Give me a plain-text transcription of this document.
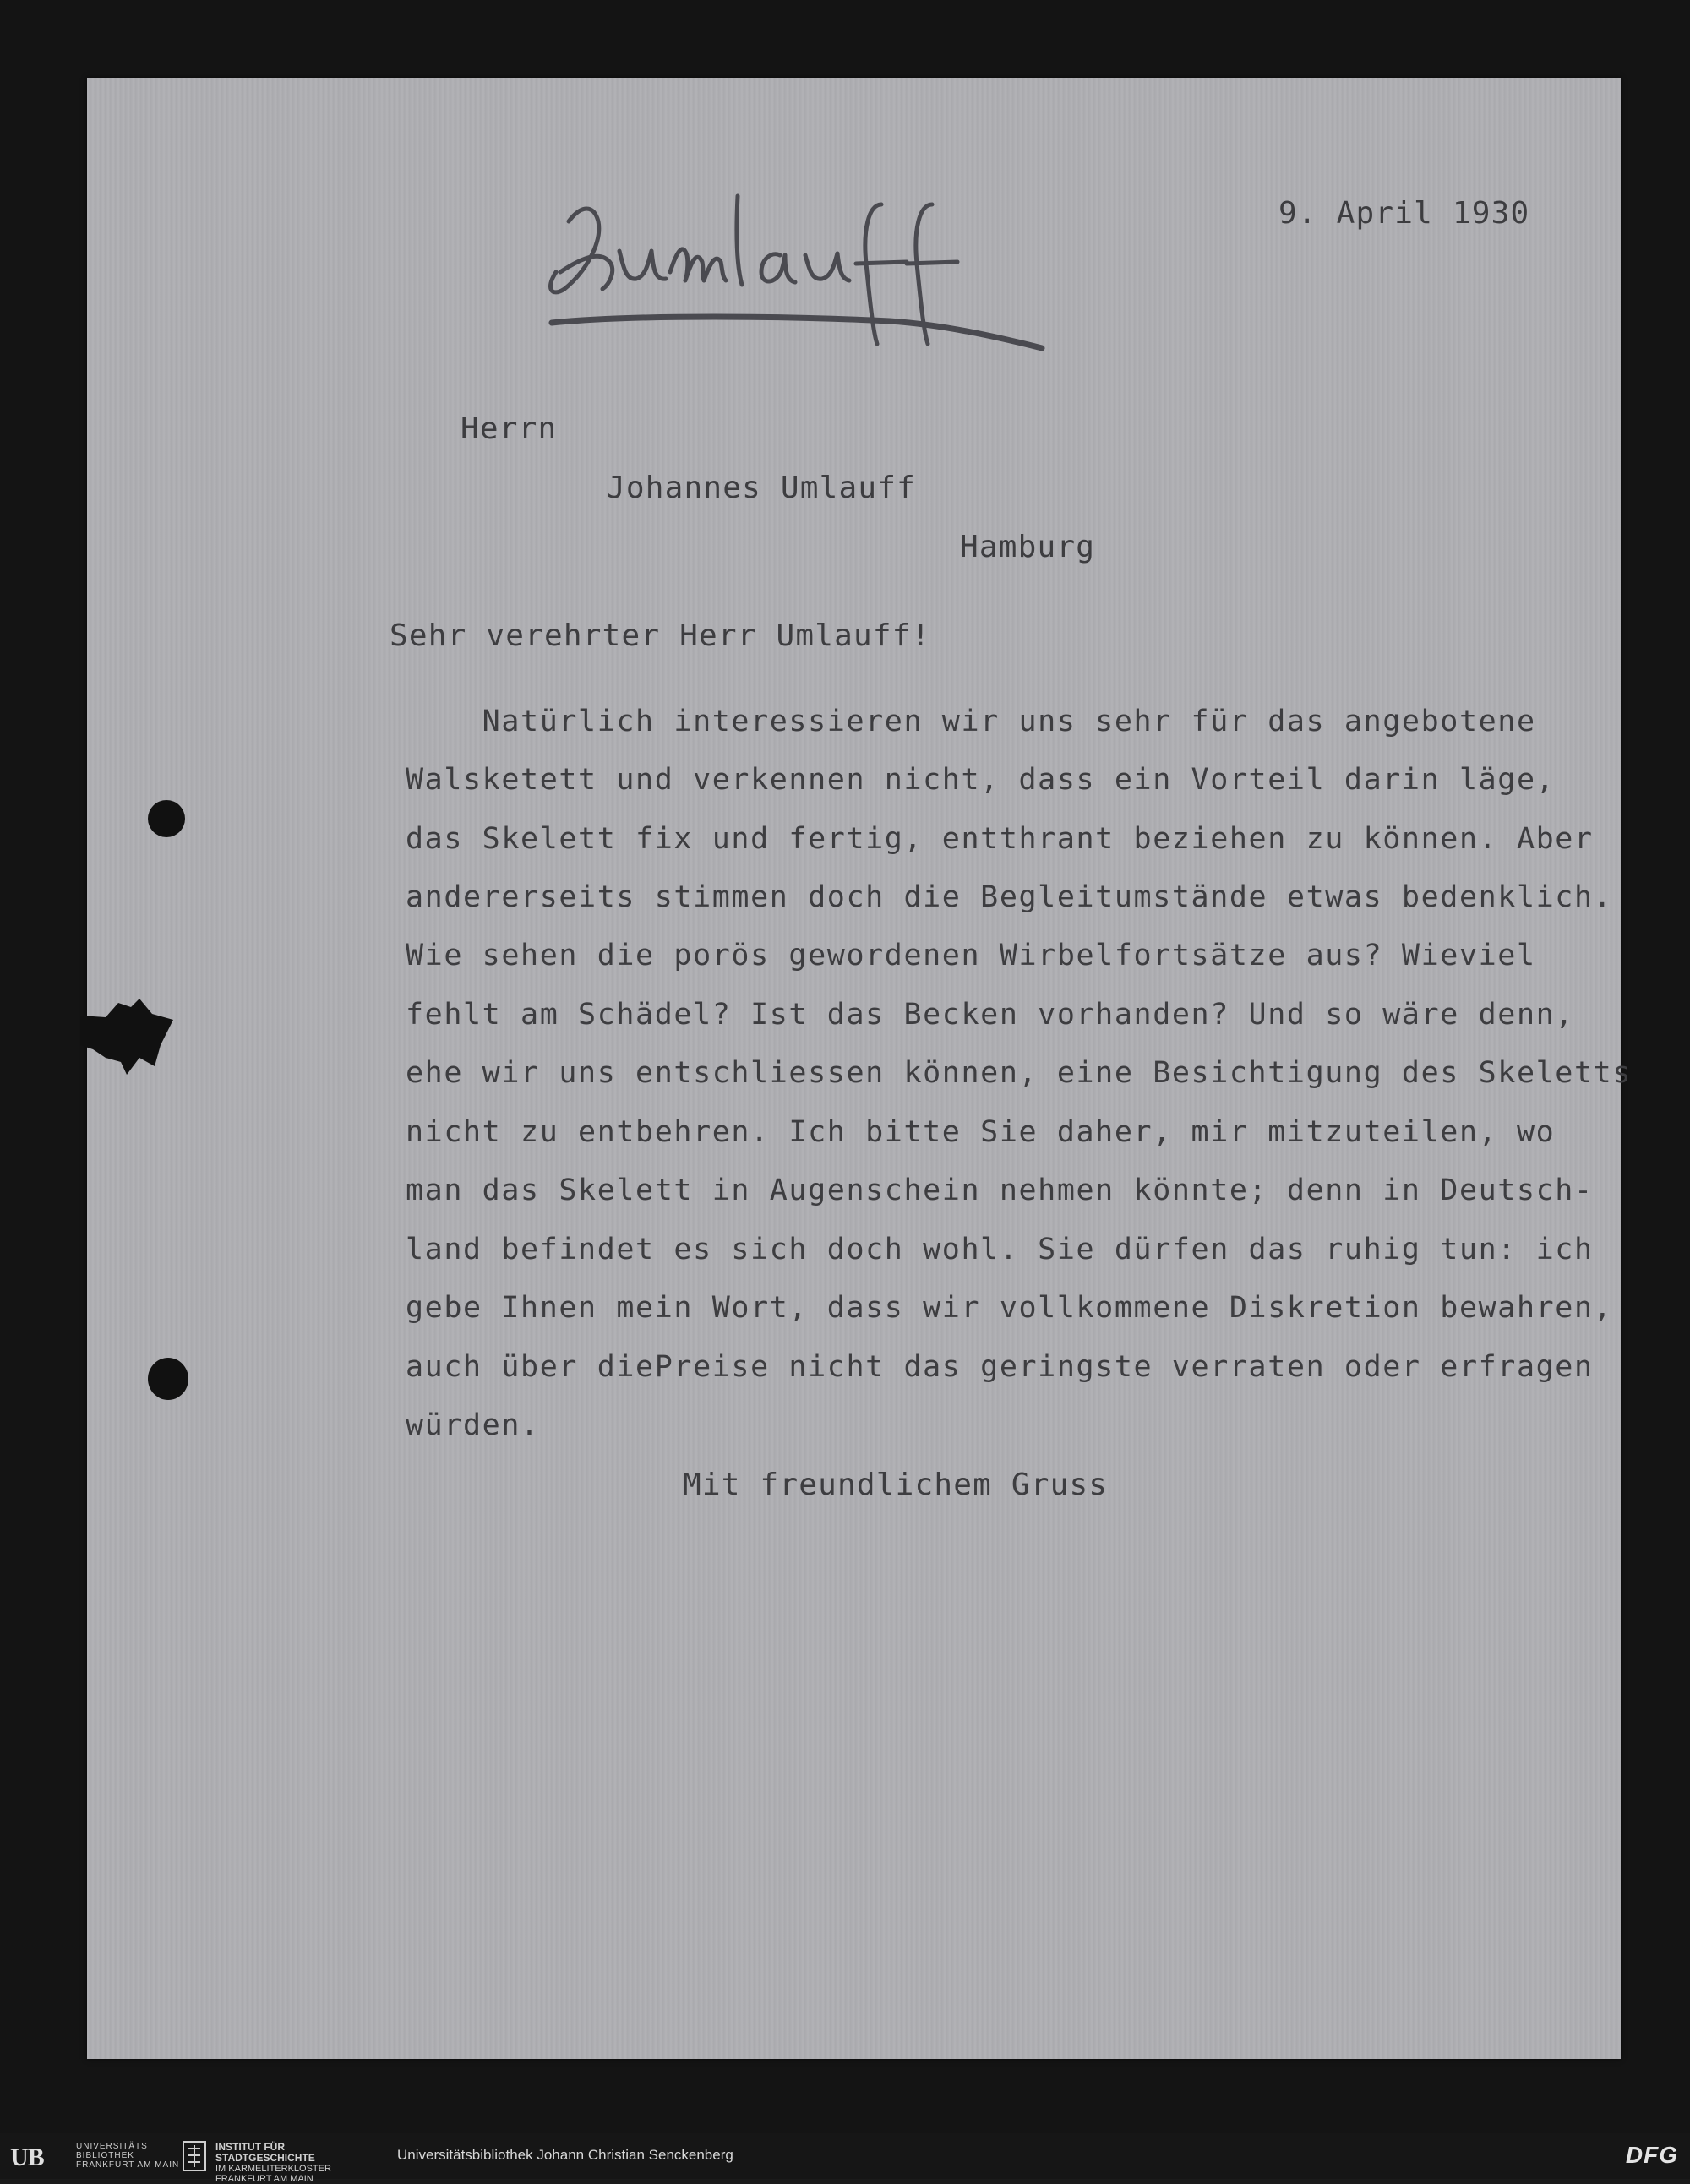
9. April 1930
Herrn
Johannes Umlauff
Hamburg
Sehr verehrter Herr Umlauff!
Natürlich interessieren wir uns sehr für das angebotene
Walsketett und verkennen nicht, dass ein Vorteil darin läge,
das Skelett fix und fertig, entthrant beziehen zu können. Aber
andererseits stimmen doch die Begleitumstände etwas bedenklich.
Wie sehen die porös gewordenen Wirbelfortsätze aus? Wieviel
fehlt am Schädel? Ist das Becken vorhanden? Und so wäre denn,
ehe wir uns entschliessen können, eine Besichtigung des Skeletts
nicht zu entbehren. Ich bitte Sie daher, mir mitzuteilen, wo
man das Skelett in Augenschein nehmen könnte; denn in Deutsch-
land befindet es sich doch wohl. Sie dürfen das ruhig tun: ich
gebe Ihnen mein Wort, dass wir vollkommene Diskretion bewahren,
auch über diePreise nicht das geringste verraten oder erfragen
würden.
Mit freundlichem Gruss
UB	UNIVERSITÄTS
BIBLIOTHEK
FRANKFURT AM MAIN
INSTITUT FÜR
STADTGESCHICHTE
IM KARMELITERKLOSTER
FRANKFURT AM MAIN
Universitätsbibliothek Johann Christian Senckenberg	DFG
